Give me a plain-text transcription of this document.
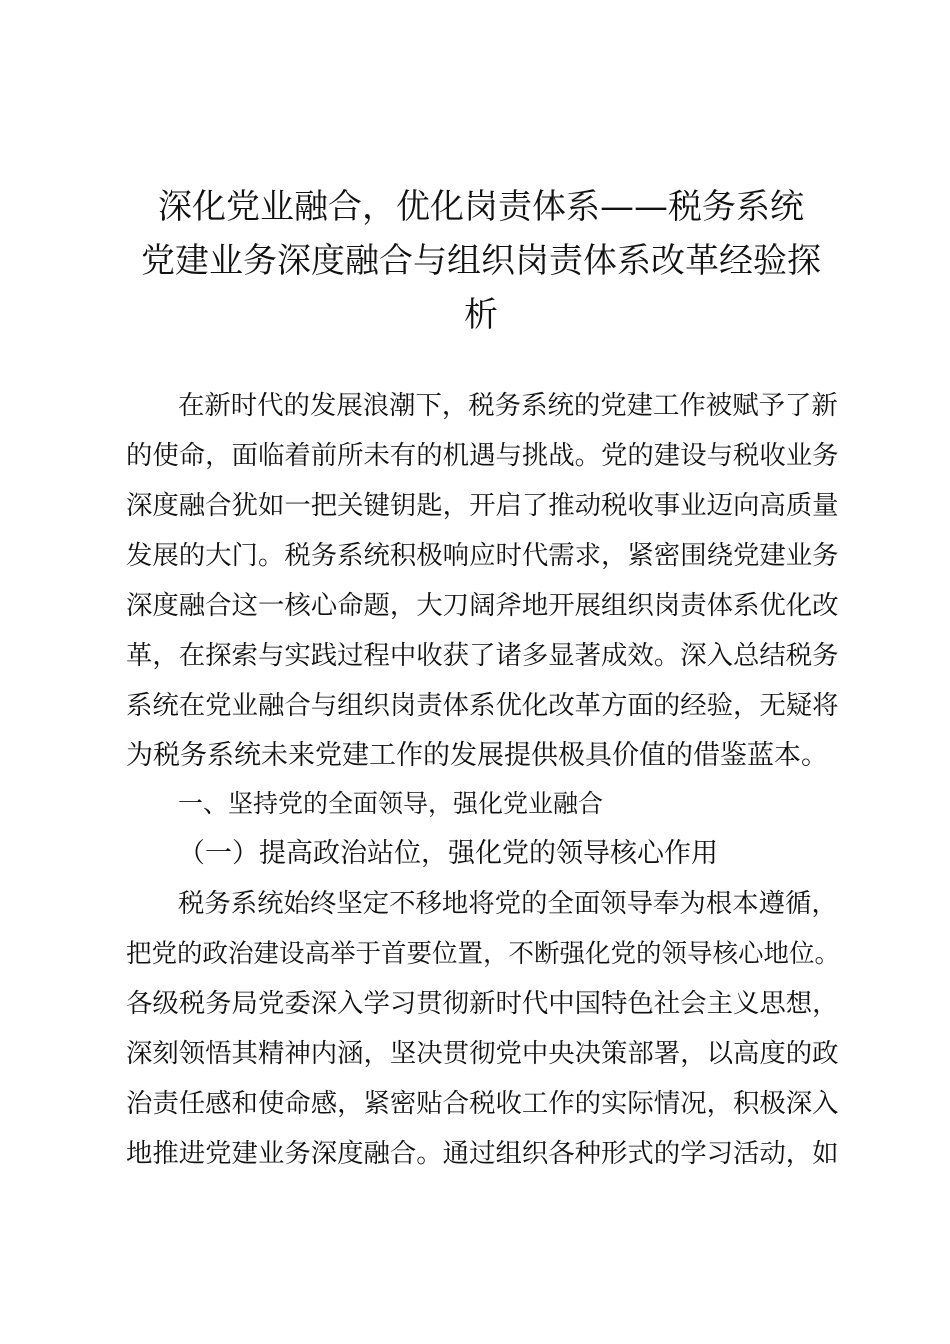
深化党业融合，优化岗责体系——税务系统
党建业务深度融合与组织岗责体系改革经验探
析
在新时代的发展浪潮下，税务系统的党建工作被赋予了新
的使命，面临着前所未有的机遇与挑战。党的建设与税收业务
深度融合犹如一把关键钥匙，开启了推动税收事业迈向高质量
发展的大门。税务系统积极响应时代需求，紧密围绕党建业务
深度融合这一核心命题，大刀阔斧地开展组织岗责体系优化改
革，在探索与实践过程中收获了诸多显著成效。深入总结税务
系统在党业融合与组织岗责体系优化改革方面的经验，无疑将
为税务系统未来党建工作的发展提供极具价值的借鉴蓝本。
一、坚持党的全面领导，强化党业融合
（一）提高政治站位，强化党的领导核心作用
税务系统始终坚定不移地将党的全面领导奉为根本遵循，
把党的政治建设高举于首要位置，不断强化党的领导核心地位。
各级税务局党委深入学习贯彻新时代中国特色社会主义思想，
深刻领悟其精神内涵，坚决贯彻党中央决策部署，以高度的政
治责任感和使命感，紧密贴合税收工作的实际情况，积极深入
地推进党建业务深度融合。通过组织各种形式的学习活动，如
